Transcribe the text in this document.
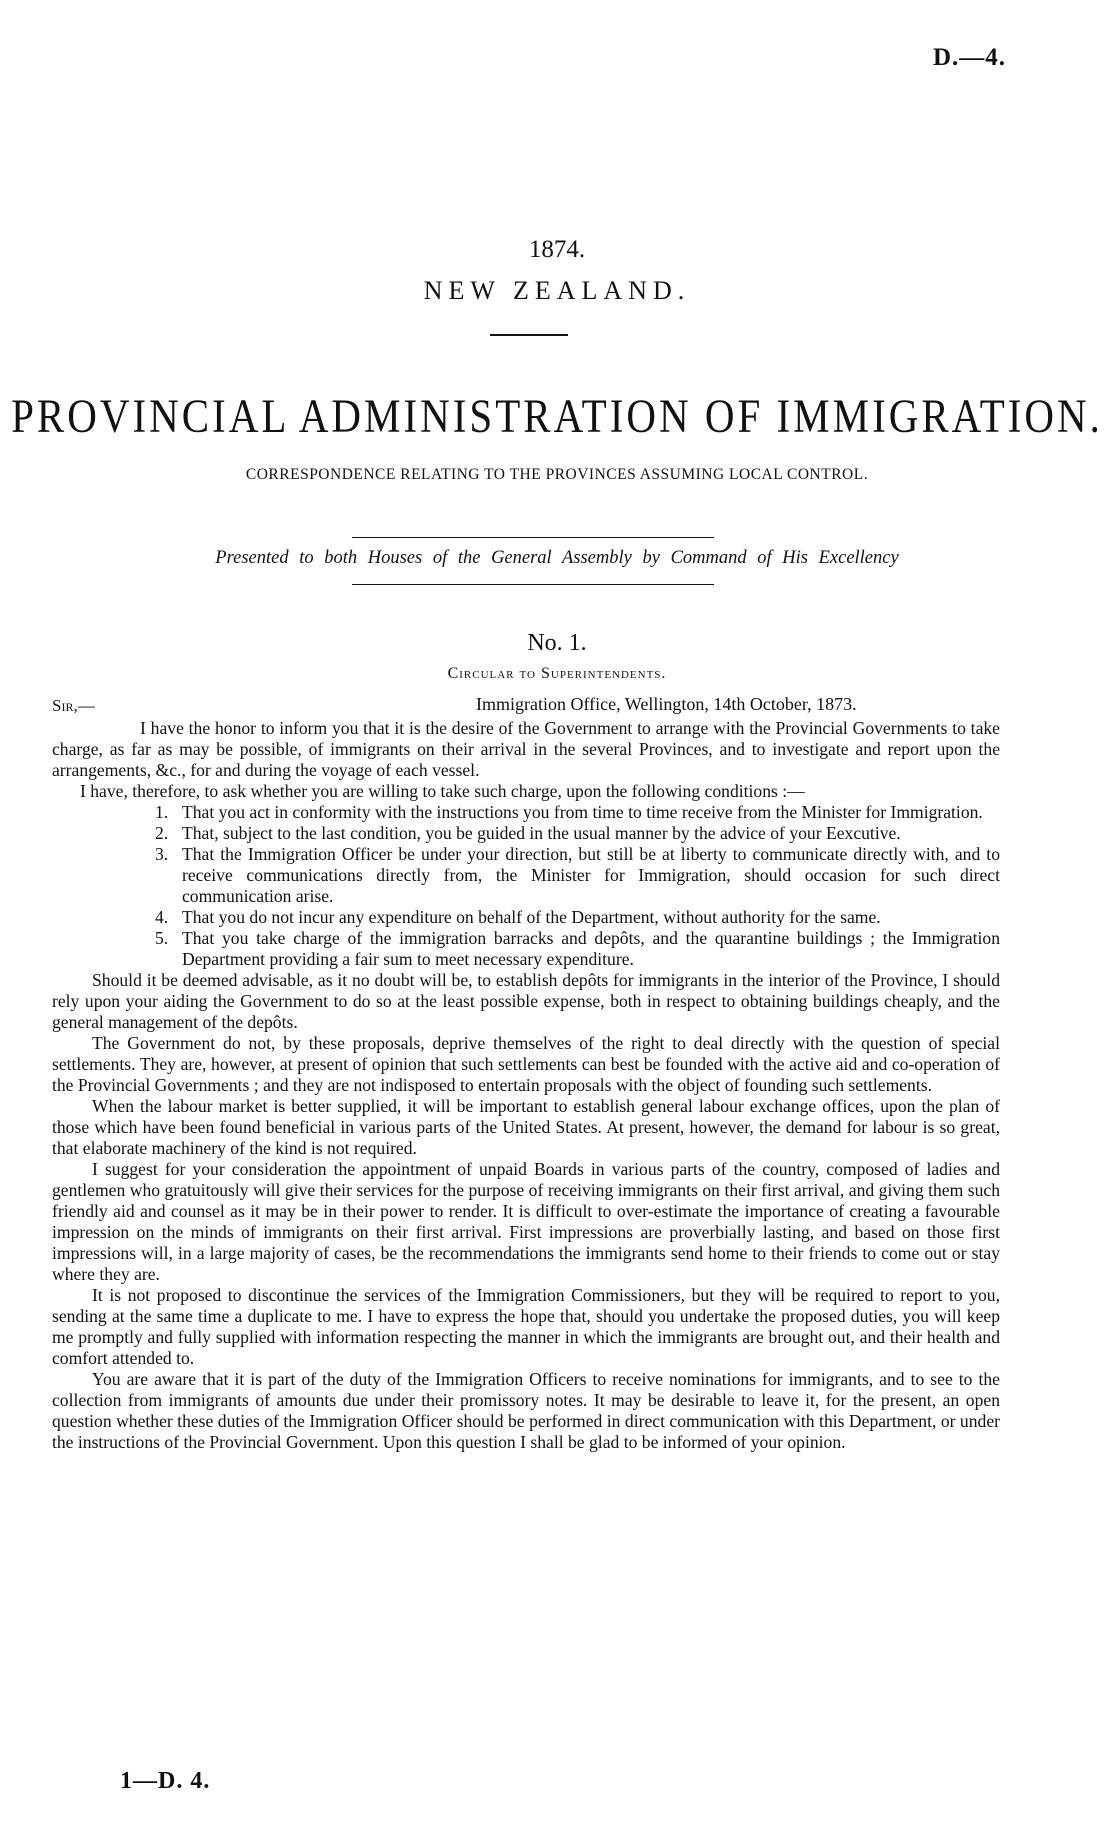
D.—4.
1874.
NEW ZEALAND.
PROVINCIAL ADMINISTRATION OF IMMIGRATION.
CORRESPONDENCE RELATING TO THE PROVINCES ASSUMING LOCAL CONTROL.
Presented to both Houses of the General Assembly by Command of His Excellency
No. 1.
Circular to Superintendents.
Sir,—	Immigration Office, Wellington, 14th October, 1873.

I have the honor to inform you that it is the desire of the Government to arrange with the Provincial Governments to take charge, as far as may be possible, of immigrants on their arrival in the several Provinces, and to investigate and report upon the arrangements, &c., for and during the voyage of each vessel.

I have, therefore, to ask whether you are willing to take such charge, upon the following conditions :—

1. That you act in conformity with the instructions you from time to time receive from the Minister for Immigration.
2. That, subject to the last condition, you be guided in the usual manner by the advice of your Eexcutive.
3. That the Immigration Officer be under your direction, but still be at liberty to communicate directly with, and to receive communications directly from, the Minister for Immigration, should occasion for such direct communication arise.
4. That you do not incur any expenditure on behalf of the Department, without authority for the same.
5. That you take charge of the immigration barracks and depôts, and the quarantine buildings ; the Immigration Department providing a fair sum to meet necessary expenditure.

Should it be deemed advisable, as it no doubt will be, to establish depôts for immigrants in the interior of the Province, I should rely upon your aiding the Government to do so at the least possible expense, both in respect to obtaining buildings cheaply, and the general management of the depôts.

The Government do not, by these proposals, deprive themselves of the right to deal directly with the question of special settlements. They are, however, at present of opinion that such settlements can best be founded with the active aid and co-operation of the Provincial Governments ; and they are not indisposed to entertain proposals with the object of founding such settlements.

When the labour market is better supplied, it will be important to establish general labour exchange offices, upon the plan of those which have been found beneficial in various parts of the United States. At present, however, the demand for labour is so great, that elaborate machinery of the kind is not required.

I suggest for your consideration the appointment of unpaid Boards in various parts of the country, composed of ladies and gentlemen who gratuitously will give their services for the purpose of receiving immigrants on their first arrival, and giving them such friendly aid and counsel as it may be in their power to render. It is difficult to over-estimate the importance of creating a favourable impression on the minds of immigrants on their first arrival. First impressions are proverbially lasting, and based on those first impressions will, in a large majority of cases, be the recommendations the immigrants send home to their friends to come out or stay where they are.

It is not proposed to discontinue the services of the Immigration Commissioners, but they will be required to report to you, sending at the same time a duplicate to me. I have to express the hope that, should you undertake the proposed duties, you will keep me promptly and fully supplied with information respecting the manner in which the immigrants are brought out, and their health and comfort attended to.

You are aware that it is part of the duty of the Immigration Officers to receive nominations for immigrants, and to see to the collection from immigrants of amounts due under their promissory notes. It may be desirable to leave it, for the present, an open question whether these duties of the Immigration Officer should be performed in direct communication with this Department, or under the instructions of the Provincial Government. Upon this question I shall be glad to be informed of your opinion.

1—D. 4.
